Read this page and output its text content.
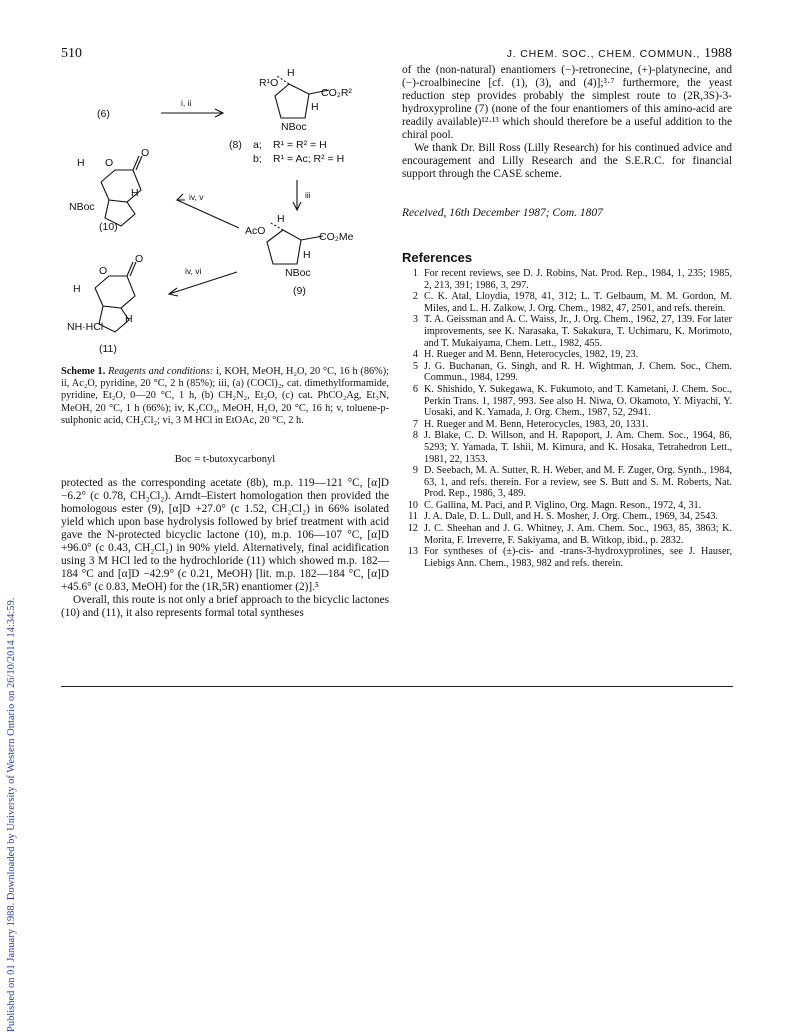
Published on 01 January 1988. Downloaded by University of Western Ontario on 26/10/2014 14:34:59.
510	J. CHEM. SOC., CHEM. COMMUN., 1988
(6)
i, ii
R¹O
H
CO₂R²
H
NBoc
(8) a; R¹ = R² = H
b; R¹ = Ac; R² = H
iii
H
AcO	CO₂Me
H
NBoc
(9)
iv, v
iv, vi
H O
O
H
NBoc
(10)
H
O
O
H
NH·HCl
(11)
Scheme 1. Reagents and conditions: i, KOH, MeOH, H₂O, 20 °C, 16 h (86%); ii, Ac₂O, pyridine, 20 °C, 2 h (85%); iii, (a) (COCl)₂, cat. dimethylformamide, pyridine, Et₂O, 0—20 °C, 1 h, (b) CH₂N₂, Et₂O, (c) cat. PhCO₂Ag, Et₃N, MeOH, 20 °C, 1 h (66%); iv, K₂CO₃, MeOH, H₂O, 20 °C, 16 h; v, toluene-p-sulphonic acid, CH₂Cl₂; vi, 3 M HCl in EtOAc, 20 °C, 2 h.
Boc = t-butoxycarbonyl

protected as the corresponding acetate (8b), m.p. 119—121 °C, [α]D −6.2° (c 0.78, CH₂Cl₂). Arndt–Eistert homologation then provided the homologous ester (9), [α]D +27.0° (c 1.52, CH₂Cl₂) in 66% isolated yield which upon base hydrolysis followed by brief treatment with acid gave the N-protected bicyclic lactone (10), m.p. 106—107 °C, [α]D +96.0° (c 0.43, CH₂Cl₂) in 90% yield. Alternatively, final acidification using 3 M HCl led to the hydrochloride (11) which showed m.p. 182—184 °C and [α]D −42.9° (c 0.21, MeOH) [lit. m.p. 182—184 °C, [α]D +45.6° (c 0.83, MeOH) for the (1R,5R) enantiomer (2)].⁵

Overall, this route is not only a brief approach to the bicyclic lactones (10) and (11), it also represents formal total syntheses

of the (non-natural) enantiomers (−)-retronecine, (+)-platynecine, and (−)-croalbinecine [cf. (1), (3), and (4)];³·⁷ furthermore, the yeast reduction step provides probably the simplest route to (2R,3S)-3-hydroxyproline (7) (none of the four enantiomers of this amino-acid are readily available)¹²·¹³ which should therefore be a useful addition to the chiral pool.

We thank Dr. Bill Ross (Lilly Research) for his continued advice and encouragement and Lilly Research and the S.E.R.C. for financial support through the CASE scheme.

Received, 16th December 1987; Com. 1807
References
1 For recent reviews, see D. J. Robins, Nat. Prod. Rep., 1984, 1, 235; 1985, 2, 213, 391; 1986, 3, 297.
2 C. K. Atal, Lloydia, 1978, 41, 312; L. T. Gelbaum, M. M. Gordon, M. Miles, and L. H. Zalkow, J. Org. Chem., 1982, 47, 2501, and refs. therein.
3 T. A. Geissman and A. C. Waiss, Jr., J. Org. Chem., 1962, 27, 139. For later improvements, see K. Narasaka, T. Sakakura, T. Uchimaru, K. Morimoto, and T. Mukaiyama, Chem. Lett., 1982, 455.
4 H. Rueger and M. Benn, Heterocycles, 1982, 19, 23.
5 J. G. Buchanan, G. Singh, and R. H. Wightman, J. Chem. Soc., Chem. Commun., 1984, 1299.
6 K. Shishido, Y. Sukegawa, K. Fukumoto, and T. Kametani, J. Chem. Soc., Perkin Trans. 1, 1987, 993. See also H. Niwa, O. Okamoto, Y. Miyachi, Y. Uosaki, and K. Yamada, J. Org. Chem., 1987, 52, 2941.
7 H. Rueger and M. Benn, Heterocycles, 1983, 20, 1331.
8 J. Blake, C. D. Willson, and H. Rapoport, J. Am. Chem. Soc., 1964, 86, 5293; Y. Yamada, T. Ishii, M. Kimura, and K. Hosaka, Tetrahedron Lett., 1981, 22, 1353.
9 D. Seebach, M. A. Sutter, R. H. Weber, and M. F. Zuger, Org. Synth., 1984, 63, 1, and refs. therein. For a review, see S. Butt and S. M. Roberts, Nat. Prod. Rep., 1986, 3, 489.
10 C. Gallina, M. Paci, and P. Viglino, Org. Magn. Reson., 1972, 4, 31.
11 J. A. Dale, D. L. Dull, and H. S. Mosher, J. Org. Chem., 1969, 34, 2543.
12 J. C. Sheehan and J. G. Whitney, J. Am. Chem. Soc., 1963, 85, 3863; K. Morita, F. Irreverre, F. Sakiyama, and B. Witkop, ibid., p. 2832.
13 For syntheses of (±)-cis- and -trans-3-hydroxyprolines, see J. Hauser, Liebigs Ann. Chem., 1983, 982 and refs. therein.
